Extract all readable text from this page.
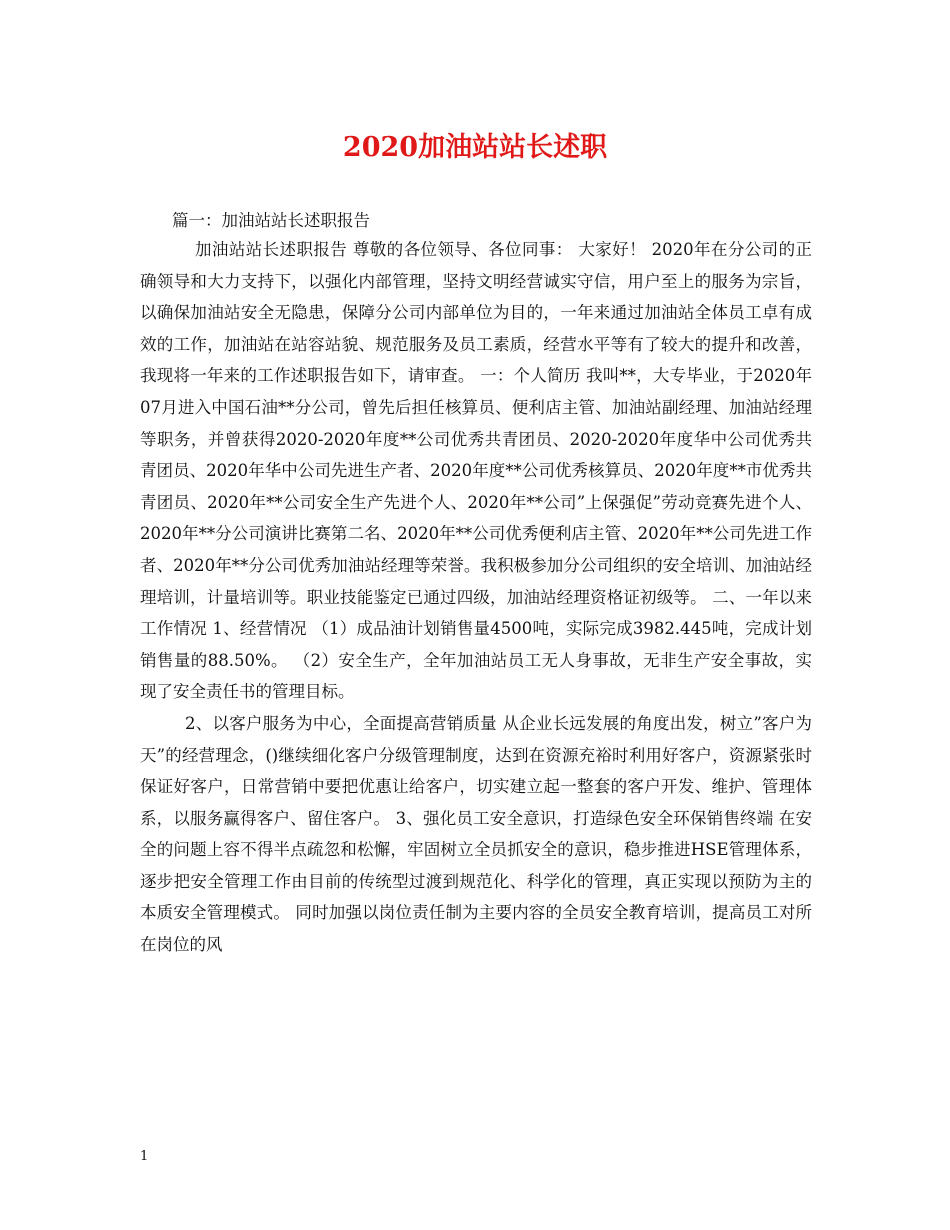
2020加油站站长述职

篇一：加油站站长述职报告

加油站站长述职报告 尊敬的各位领导、各位同事： 大家好！ 2020年在分公司的正确领导和大力支持下，以强化内部管理，坚持文明经营诚实守信，用户至上的服务为宗旨，以确保加油站安全无隐患，保障分公司内部单位为目的，一年来通过加油站全体员工卓有成效的工作，加油站在站容站貌、规范服务及员工素质，经营水平等有了较大的提升和改善，我现将一年来的工作述职报告如下，请审查。 一：个人简历 我叫**，大专毕业，于2020年07月进入中国石油**分公司，曾先后担任核算员、便利店主管、加油站副经理、加油站经理等职务，并曾获得2020-2020年度**公司优秀共青团员、2020-2020年度华中公司优秀共青团员、2020年华中公司先进生产者、2020年度**公司优秀核算员、2020年度**市优秀共青团员、2020年**公司安全生产先进个人、2020年**公司”上保强促”劳动竞赛先进个人、2020年**分公司演讲比赛第二名、2020年**公司优秀便利店主管、2020年**公司先进工作者、2020年**分公司优秀加油站经理等荣誉。我积极参加分公司组织的安全培训、加油站经理培训，计量培训等。职业技能鉴定已通过四级，加油站经理资格证初级等。 二、一年以来工作情况 1、经营情况 （1）成品油计划销售量4500吨，实际完成3982.445吨，完成计划销售量的88.50%。 （2）安全生产，全年加油站员工无人身事故，无非生产安全事故，实现了安全责任书的管理目标。

2、以客户服务为中心，全面提高营销质量 从企业长远发展的角度出发，树立”客户为天”的经营理念，()继续细化客户分级管理制度，达到在资源充裕时利用好客户，资源紧张时保证好客户，日常营销中要把优惠让给客户，切实建立起一整套的客户开发、维护、管理体系，以服务赢得客户、留住客户。 3、强化员工安全意识，打造绿色安全环保销售终端 在安全的问题上容不得半点疏忽和松懈，牢固树立全员抓安全的意识，稳步推进HSE管理体系，逐步把安全管理工作由目前的传统型过渡到规范化、科学化的管理，真正实现以预防为主的本质安全管理模式。 同时加强以岗位责任制为主要内容的全员安全教育培训，提高员工对所在岗位的风

1
